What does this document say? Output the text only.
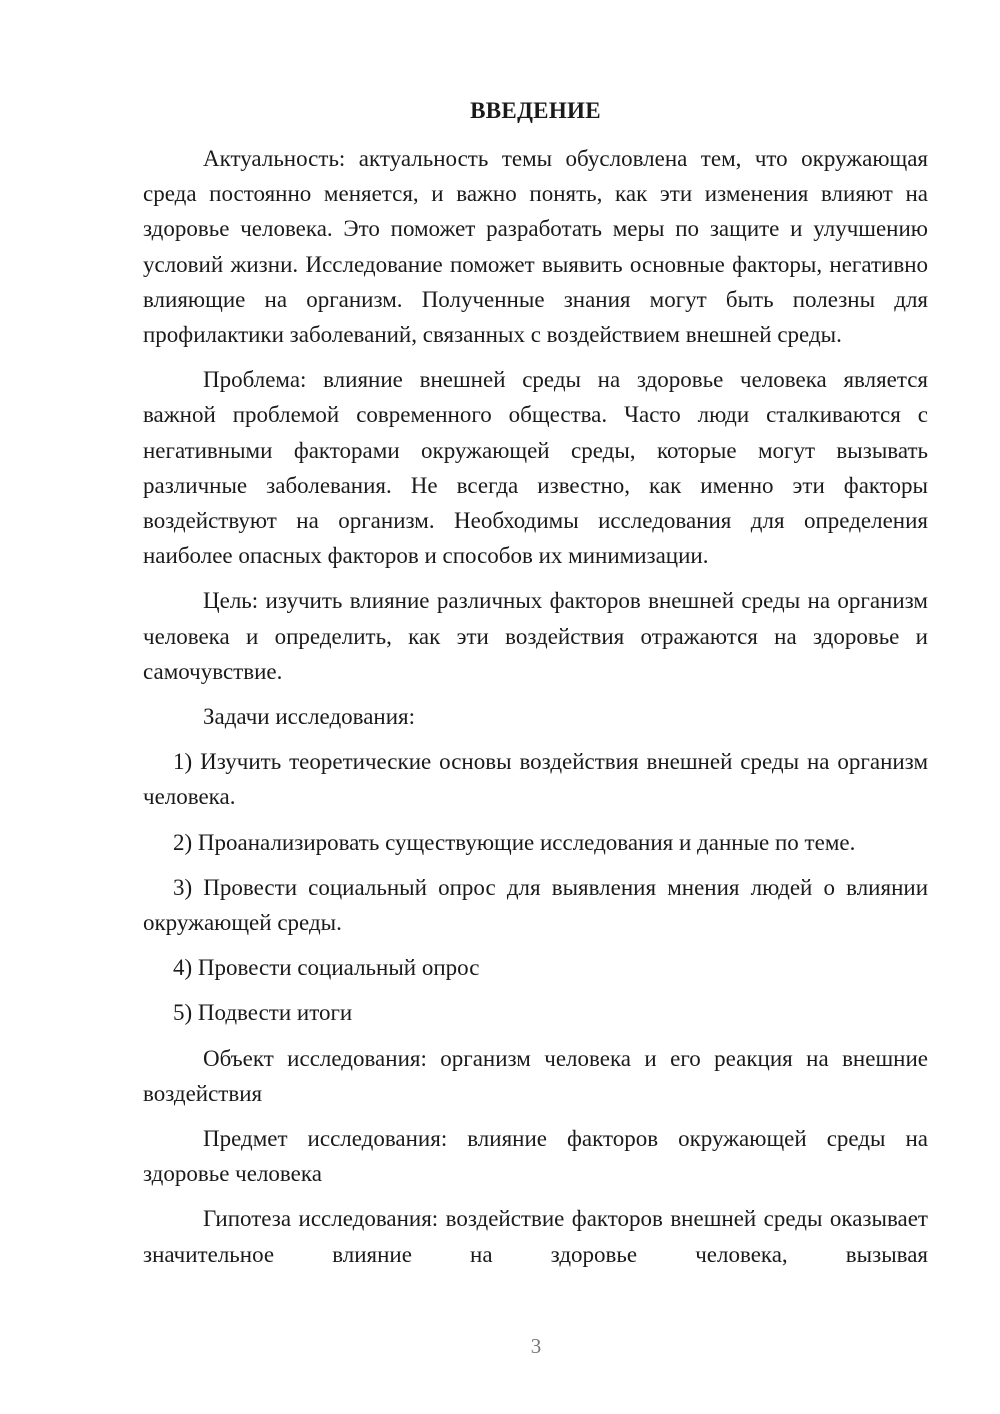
ВВЕДЕНИЕ

Актуальность: актуальность темы обусловлена тем, что окружающая среда постоянно меняется, и важно понять, как эти изменения влияют на здоровье человека. Это поможет разработать меры по защите и улучшению условий жизни. Исследование поможет выявить основные факторы, негативно влияющие на организм. Полученные знания могут быть полезны для профилактики заболеваний, связанных с воздействием внешней среды.

Проблема: влияние внешней среды на здоровье человека является важной проблемой современного общества. Часто люди сталкиваются с негативными факторами окружающей среды, которые могут вызывать различные заболевания. Не всегда известно, как именно эти факторы воздействуют на организм. Необходимы исследования для определения наиболее опасных факторов и способов их минимизации.

Цель: изучить влияние различных факторов внешней среды на организм человека и определить, как эти воздействия отражаются на здоровье и самочувствие.

Задачи исследования:

1) Изучить теоретические основы воздействия внешней среды на организм человека.

2) Проанализировать существующие исследования и данные по теме.

3) Провести социальный опрос для выявления мнения людей о влиянии окружающей среды.

4) Провести социальный опрос

5) Подвести итоги

Объект исследования: организм человека и его реакция на внешние воздействия

Предмет исследования: влияние факторов окружающей среды на здоровье человека

Гипотеза исследования: воздействие факторов внешней среды оказывает значительное влияние на здоровье человека, вызывая

3
